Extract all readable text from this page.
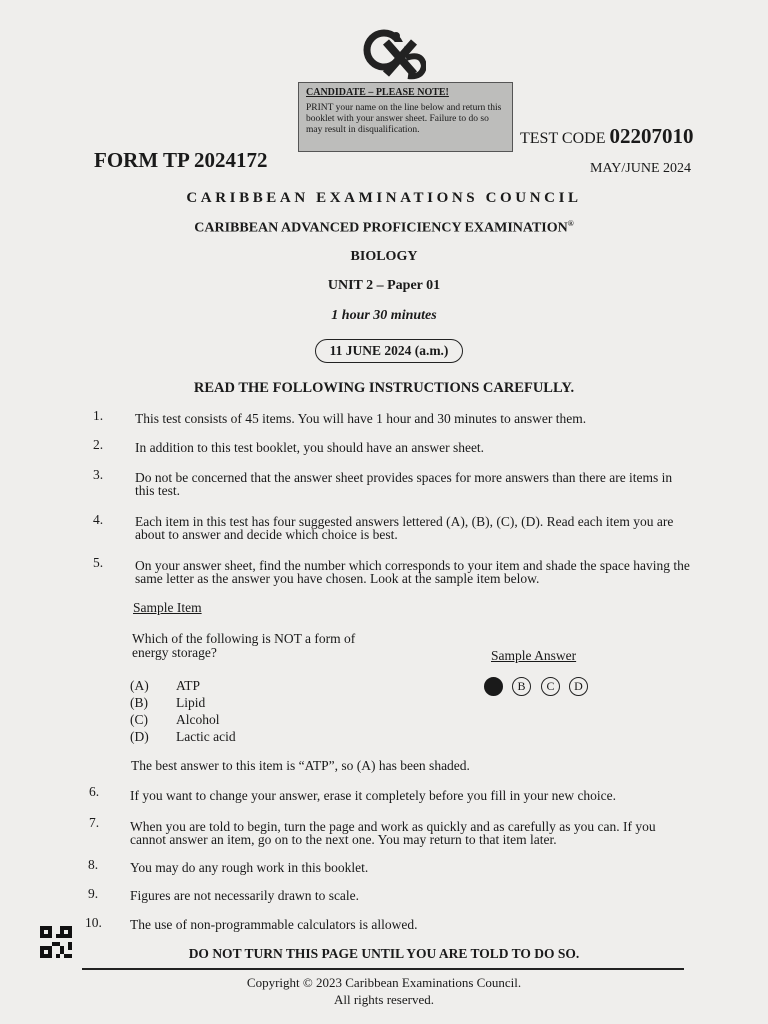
CANDIDATE – PLEASE NOTE!
PRINT your name on the line below and return this booklet with your answer sheet. Failure to do so may result in disqualification.
FORM TP 2024172
TEST CODE 02207010
MAY/JUNE 2024
CARIBBEAN EXAMINATIONS COUNCIL
CARIBBEAN ADVANCED PROFICIENCY EXAMINATION®
BIOLOGY
UNIT 2 – Paper 01
1 hour 30 minutes
11 JUNE 2024 (a.m.)
READ THE FOLLOWING INSTRUCTIONS CAREFULLY.
1.	This test consists of 45 items. You will have 1 hour and 30 minutes to answer them.
2.	In addition to this test booklet, you should have an answer sheet.
3.	Do not be concerned that the answer sheet provides spaces for more answers than there are items in this test.
4.	Each item in this test has four suggested answers lettered (A), (B), (C), (D). Read each item you are about to answer and decide which choice is best.
5.	On your answer sheet, find the number which corresponds to your item and shade the space having the same letter as the answer you have chosen. Look at the sample item below.
Sample Item
Which of the following is NOT a form of energy storage?	Sample Answer
(A) ATP
(B) Lipid
(C) Alcohol
(D) Lactic acid
B	C	D
The best answer to this item is “ATP”, so (A) has been shaded.
6.	If you want to change your answer, erase it completely before you fill in your new choice.
7.	When you are told to begin, turn the page and work as quickly and as carefully as you can. If you cannot answer an item, go on to the next one. You may return to that item later.
8.	You may do any rough work in this booklet.
9.	Figures are not necessarily drawn to scale.
10.	The use of non-programmable calculators is allowed.
DO NOT TURN THIS PAGE UNTIL YOU ARE TOLD TO DO SO.
Copyright © 2023 Caribbean Examinations Council.
All rights reserved.
